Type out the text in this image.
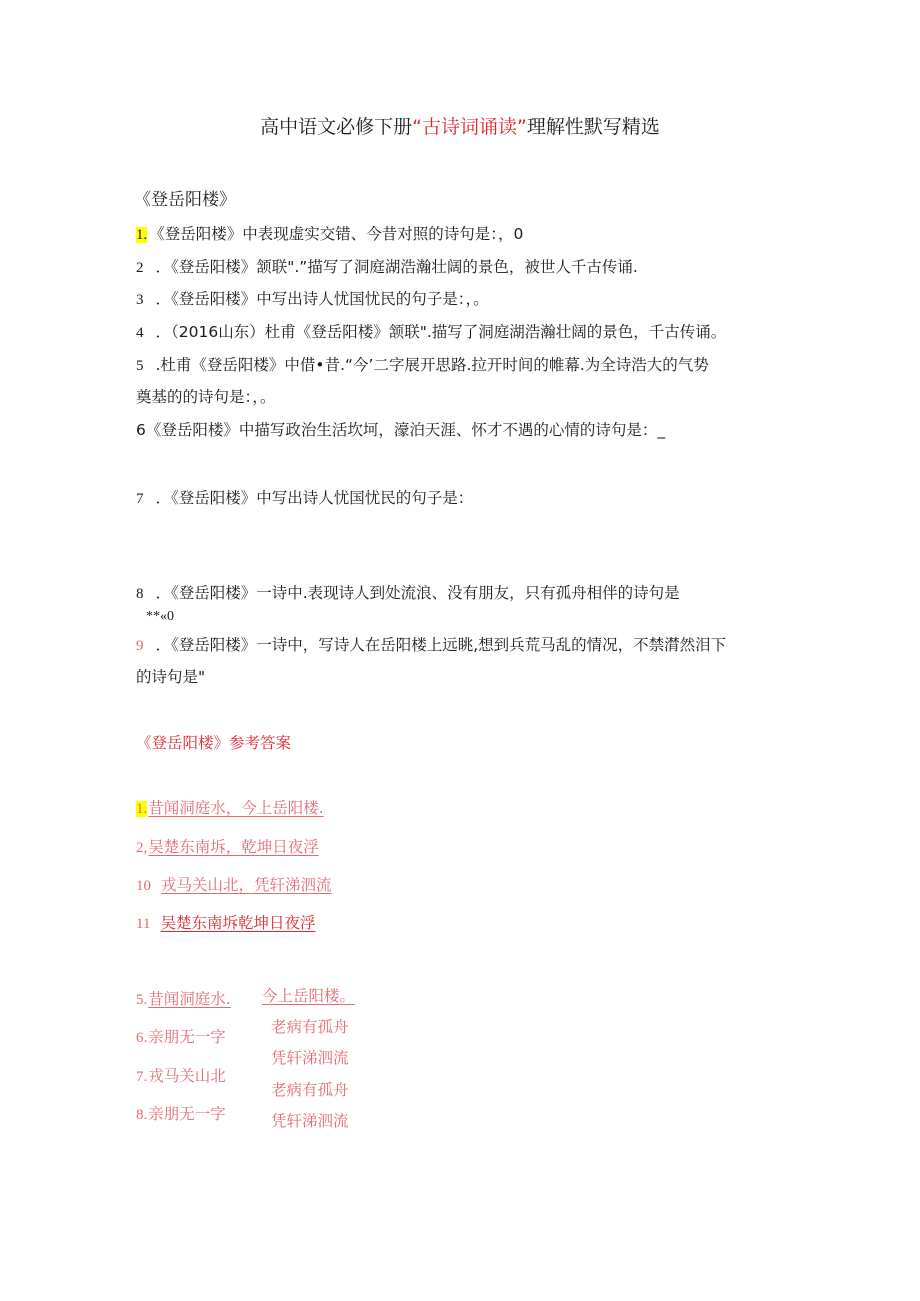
高中语文必修下册“古诗词诵读”理解性默写精选
《登岳阳楼》
1. 《登岳阳楼》中表现虚实交错、今昔对照的诗句是：，0
2 ．《登岳阳楼》颔联".”描写了洞庭湖浩瀚壮阔的景色，被世人千古传诵.
3 ．《登岳阳楼》中写出诗人忧国忧民的句子是：，。
4 ．（2016山东）杜甫《登岳阳楼》颔联".描写了洞庭湖浩瀚壮阔的景色，千古传诵。
5 .杜甫《登岳阳楼》中借•昔.“今’二字展开思路.拉开时间的帷幕.为全诗浩大的气势
奠基的的诗句是：，。
6《登岳阳楼》中描写政治生活坎坷，濠泊天涯、怀才不遇的心情的诗句是：_
7 ．《登岳阳楼》中写出诗人忧国忧民的句子是：
8 ．《登岳阳楼》一诗中.表现诗人到处流浪、没有朋友，只有孤舟相伴的诗句是
**«0
9 ．《登岳阳楼》一诗中，写诗人在岳阳楼上远眺,想到兵荒马乱的情况，不禁潸然泪下
的诗句是"
《登岳阳楼》参考答案
1.昔闻洞庭水，今上岳阳楼.
2,吴楚东南坼，乾坤日夜浮
10 戎马关山北，凭轩涕泗流
11 吴楚东南坼乾坤日夜浮
5.昔闻洞庭水.
6.亲朋无一字
7.戎马关山北
8.亲朋无一字
今上岳阳楼。
老病有孤舟
凭轩涕泗流
老病有孤舟
凭轩涕泗流
